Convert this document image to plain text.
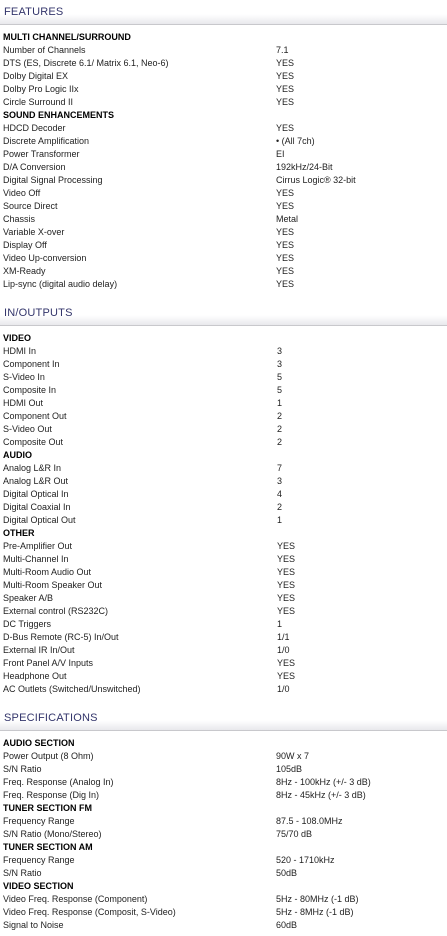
FEATURES
MULTI CHANNEL/SURROUND
Number of Channels	7.1
DTS (ES, Discrete 6.1/ Matrix 6.1, Neo-6)	YES
Dolby Digital EX	YES
Dolby Pro Logic IIx	YES
Circle Surround II	YES
SOUND ENHANCEMENTS
HDCD Decoder	YES
Discrete Amplification	• (All 7ch)
Power Transformer	EI
D/A Conversion	192kHz/24-Bit
Digital Signal Processing	Cirrus Logic® 32-bit
Video Off	YES
Source Direct	YES
Chassis	Metal
Variable X-over	YES
Display Off	YES
Video Up-conversion	YES
XM-Ready	YES
Lip-sync (digital audio delay)	YES
IN/OUTPUTS
VIDEO
HDMI In	3
Component In	3
S-Video In	5
Composite In	5
HDMI Out	1
Component Out	2
S-Video Out	2
Composite Out	2
AUDIO
Analog L&R In	7
Analog L&R Out	3
Digital Optical In	4
Digital Coaxial In	2
Digital Optical Out	1
OTHER
Pre-Amplifier Out	YES
Multi-Channel In	YES
Multi-Room Audio Out	YES
Multi-Room Speaker Out	YES
Speaker A/B	YES
External control (RS232C)	YES
DC Triggers	1
D-Bus Remote (RC-5) In/Out	1/1
External IR In/Out	1/0
Front Panel A/V Inputs	YES
Headphone Out	YES
AC Outlets (Switched/Unswitched)	1/0
SPECIFICATIONS
AUDIO SECTION
Power Output (8 Ohm)	90W x 7
S/N Ratio	105dB
Freq. Response (Analog In)	8Hz - 100kHz (+/- 3 dB)
Freq. Response (Dig In)	8Hz - 45kHz (+/- 3 dB)
TUNER SECTION FM
Frequency Range	87.5 - 108.0MHz
S/N Ratio (Mono/Stereo)	75/70 dB
TUNER SECTION AM
Frequency Range	520 - 1710kHz
S/N Ratio	50dB
VIDEO SECTION
Video Freq. Response (Component)	5Hz - 80MHz (-1 dB)
Video Freq. Response (Composit, S-Video)	5Hz - 8MHz (-1 dB)
Signal to Noise	60dB
